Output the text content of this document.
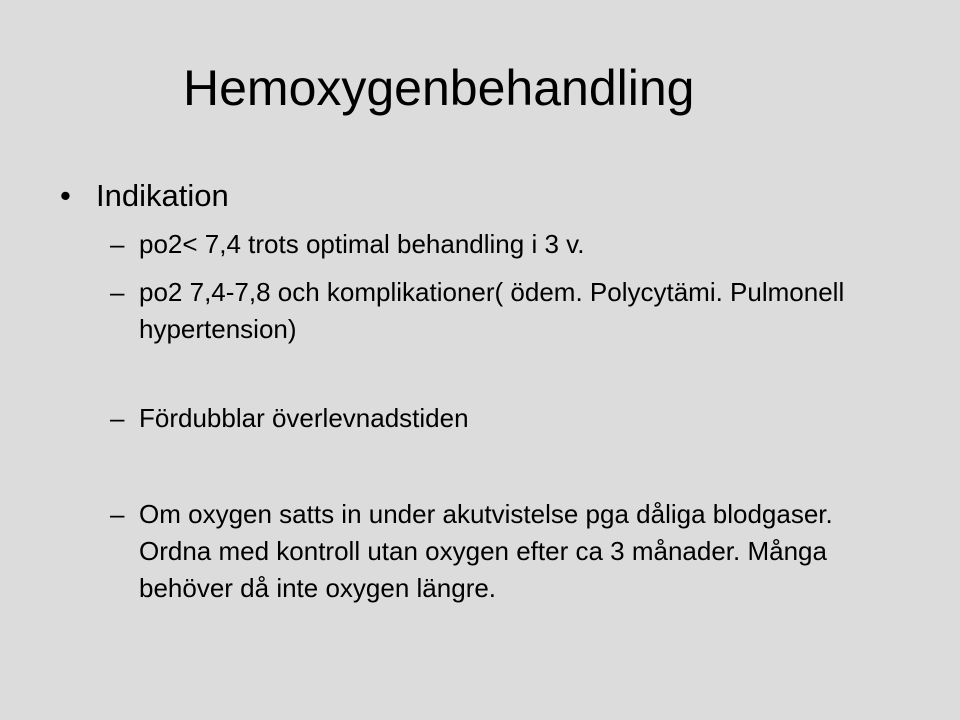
Hemoxygenbehandling
• Indikation
– po2< 7,4 trots optimal behandling i 3 v.
– po2 7,4-7,8 och komplikationer( ödem. Polycytämi. Pulmonell hypertension)
– Fördubblar överlevnadstiden
– Om oxygen satts in under akutvistelse pga dåliga blodgaser. Ordna med kontroll utan oxygen efter ca 3 månader. Många behöver då inte oxygen längre.
